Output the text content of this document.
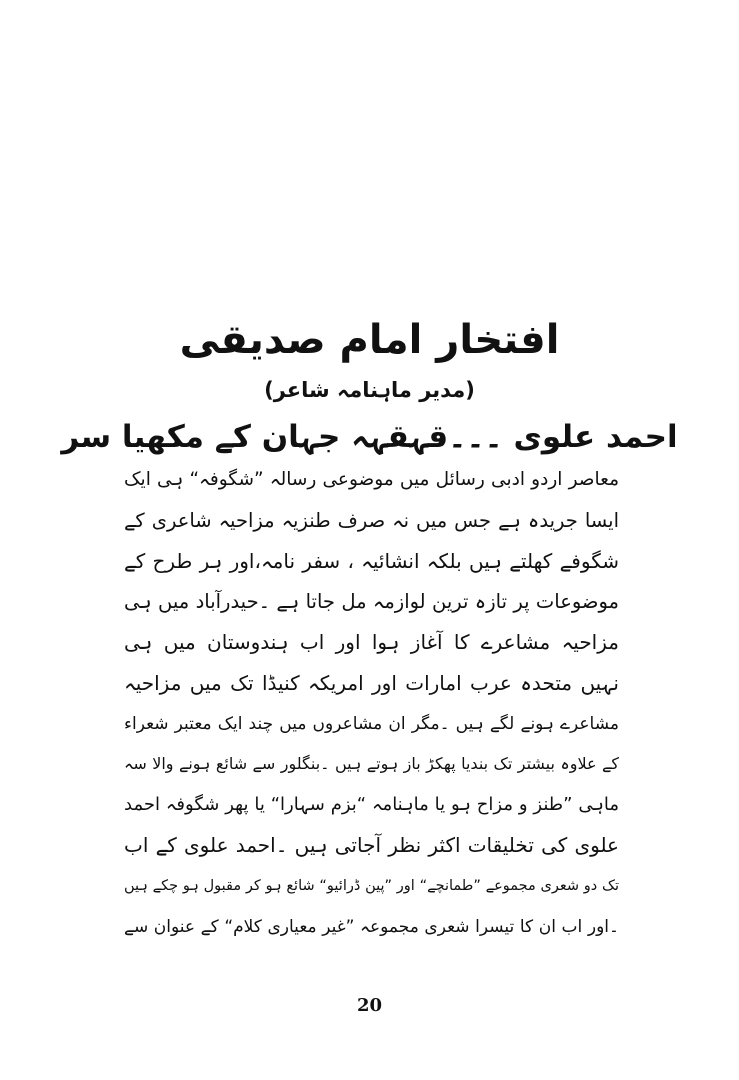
افتخار امام صدیقی
(مدیر ماہنامہ شاعر)
احمد علوی ۔۔۔قہقہہ جہان کے مکھیا سر
معاصر اردو ادبی رسائل میں موضوعی رسالہ ”شگوفہ“ ہی ایک
ایسا جریدہ ہے جس میں نہ صرف طنزیہ مزاحیہ شاعری کے
شگوفے کھلتے ہیں بلکہ انشائیہ ، سفر نامہ،اور ہر طرح کے
موضوعات پر تازہ ترین لوازمہ مل جاتا ہے ۔حیدرآباد میں ہی
مزاحیہ مشاعرے کا آغاز ہوا اور اب ہندوستان میں ہی
نہیں متحدہ عرب امارات اور امریکہ کنیڈا تک میں مزاحیہ
مشاعرے ہونے لگے ہیں ۔مگر ان مشاعروں میں چند ایک معتبر شعراء
کے علاوہ بیشتر تک بندیا پھکڑ باز ہوتے ہیں ۔بنگلور سے شائع ہونے والا سہ
ماہی ”طنز و مزاح ہو یا ماہنامہ “بزم سہارا“ یا پھر شگوفہ احمد
علوی کی تخلیقات اکثر نظر آجاتی ہیں ۔احمد علوی کے اب
تک دو شعری مجموعے ”طمانچے“ اور ”پین ڈرائیو“ شائع ہو کر مقبول ہو چکے ہیں
۔اور اب ان کا تیسرا شعری مجموعہ ”غیر معیاری کلام“ کے عنوان سے
20
